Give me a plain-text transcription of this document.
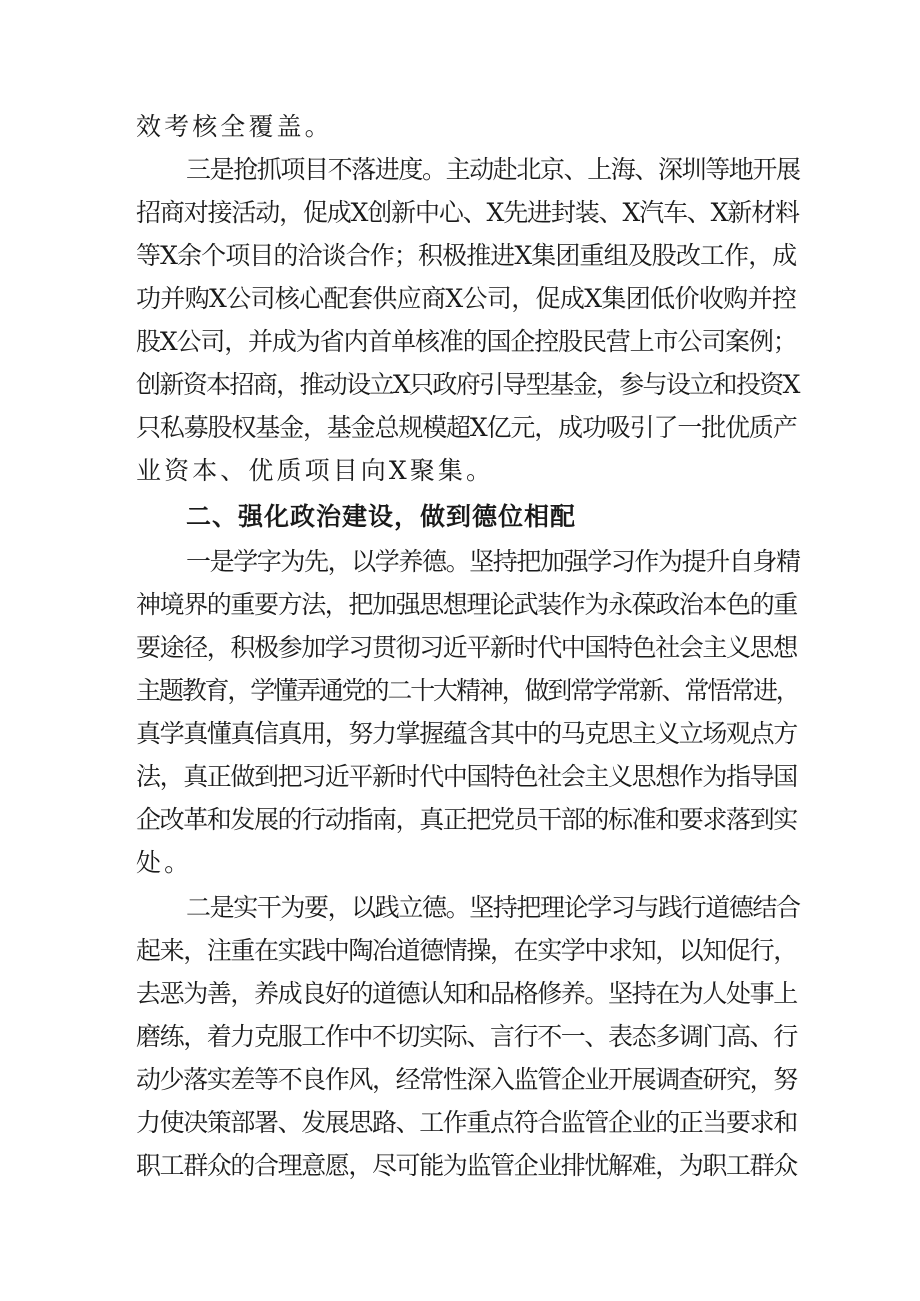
效考核全覆盖。
三是抢抓项目不落进度。主动赴北京、上海、深圳等地开展
招商对接活动，促成X创新中心、X先进封装、X汽车、X新材料
等X余个项目的洽谈合作；积极推进X集团重组及股改工作，成
功并购X公司核心配套供应商X公司，促成X集团低价收购并控
股X公司，并成为省内首单核准的国企控股民营上市公司案例；
创新资本招商，推动设立X只政府引导型基金，参与设立和投资X
只私募股权基金，基金总规模超X亿元，成功吸引了一批优质产
业资本、优质项目向X聚集。
二、强化政治建设，做到德位相配
一是学字为先，以学养德。坚持把加强学习作为提升自身精
神境界的重要方法，把加强思想理论武装作为永葆政治本色的重
要途径，积极参加学习贯彻习近平新时代中国特色社会主义思想
主题教育，学懂弄通党的二十大精神，做到常学常新、常悟常进，
真学真懂真信真用，努力掌握蕴含其中的马克思主义立场观点方
法，真正做到把习近平新时代中国特色社会主义思想作为指导国
企改革和发展的行动指南，真正把党员干部的标准和要求落到实
处。
二是实干为要，以践立德。坚持把理论学习与践行道德结合
起来，注重在实践中陶冶道德情操，在实学中求知，以知促行，
去恶为善，养成良好的道德认知和品格修养。坚持在为人处事上
磨练，着力克服工作中不切实际、言行不一、表态多调门高、行
动少落实差等不良作风，经常性深入监管企业开展调查研究，努
力使决策部署、发展思路、工作重点符合监管企业的正当要求和
职工群众的合理意愿，尽可能为监管企业排忧解难，为职工群众
